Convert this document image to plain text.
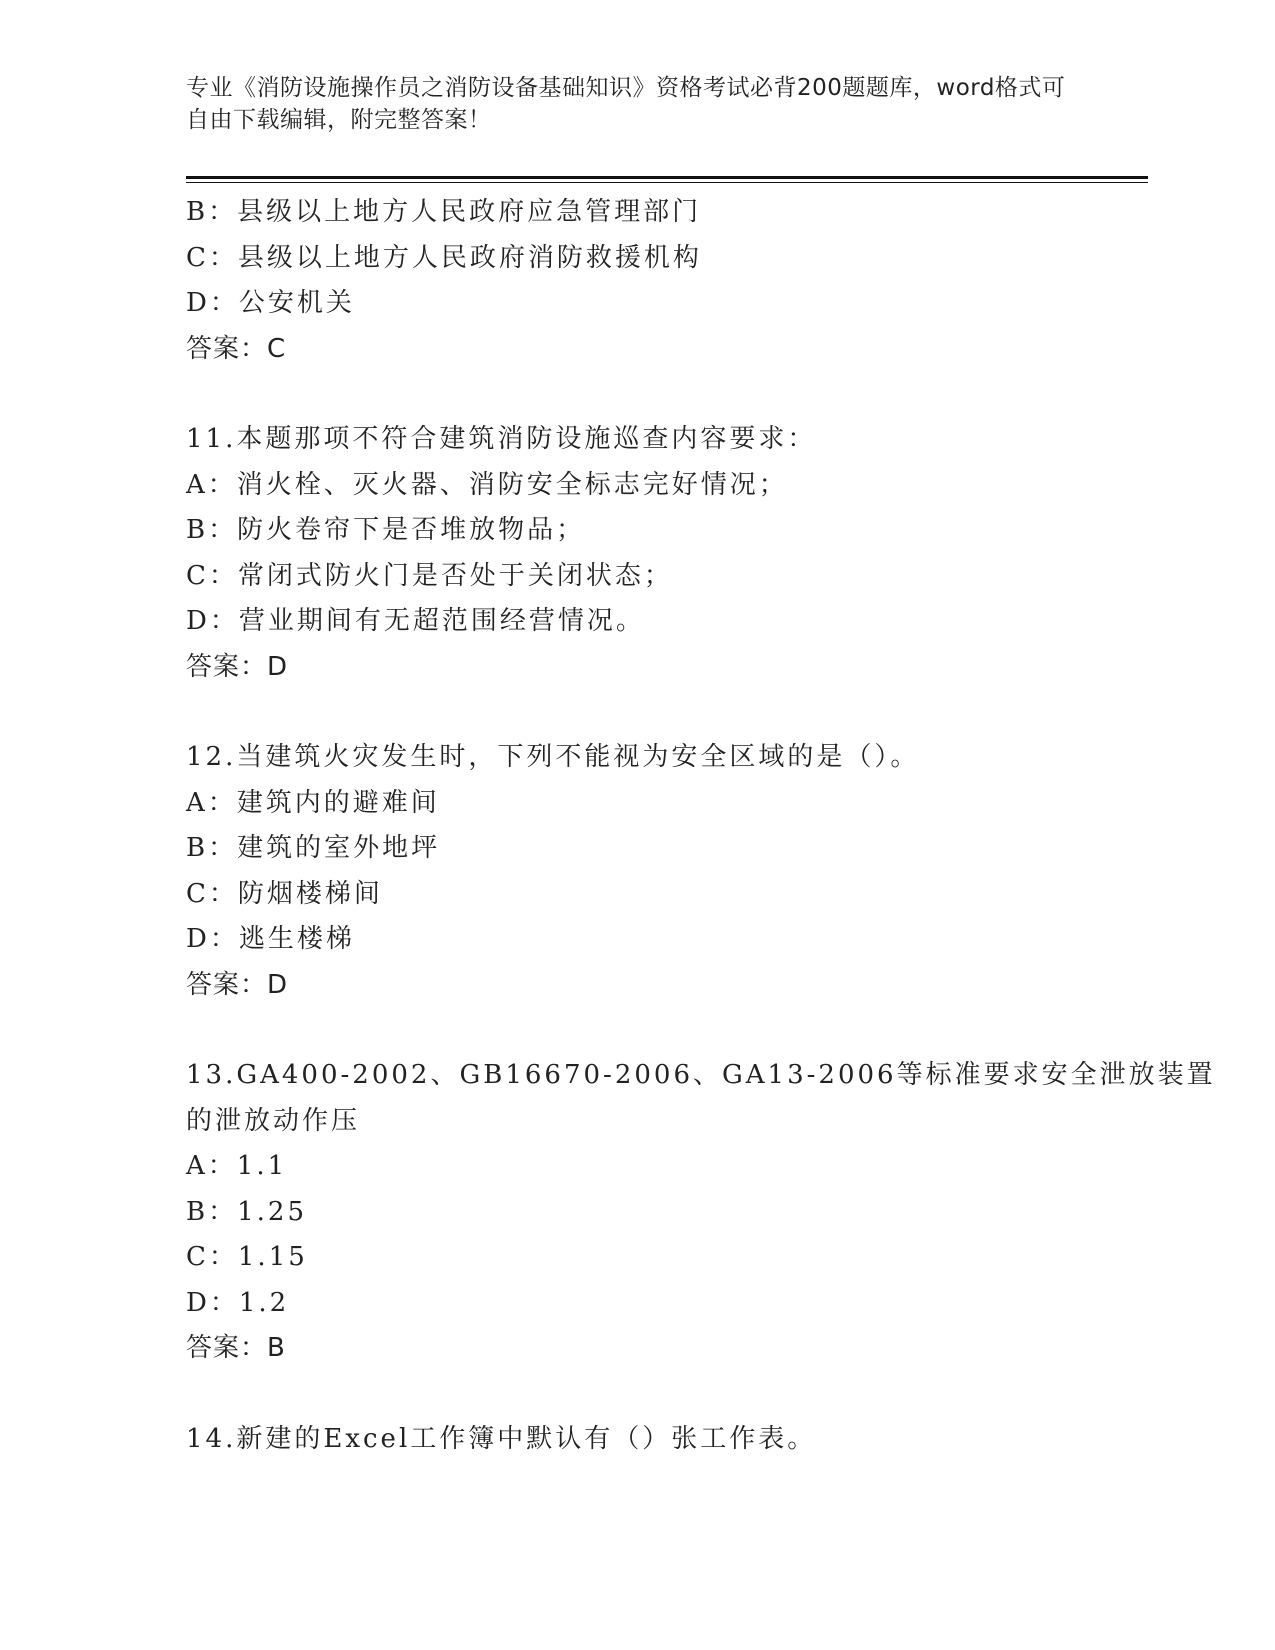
专业《消防设施操作员之消防设备基础知识》资格考试必背200题题库，word格式可自由下载编辑，附完整答案！
B：县级以上地方人民政府应急管理部门
C：县级以上地方人民政府消防救援机构
D：公安机关
答案：C
11.本题那项不符合建筑消防设施巡查内容要求：
A：消火栓、灭火器、消防安全标志完好情况；
B：防火卷帘下是否堆放物品；
C：常闭式防火门是否处于关闭状态；
D：营业期间有无超范围经营情况。
答案：D
12.当建筑火灾发生时，下列不能视为安全区域的是（）。
A：建筑内的避难间
B：建筑的室外地坪
C：防烟楼梯间
D：逃生楼梯
答案：D
13.GA400-2002、GB16670-2006、GA13-2006等标准要求安全泄放装置
的泄放动作压
A：1.1
B：1.25
C：1.15
D：1.2
答案：B
14.新建的Excel工作簿中默认有（）张工作表。
